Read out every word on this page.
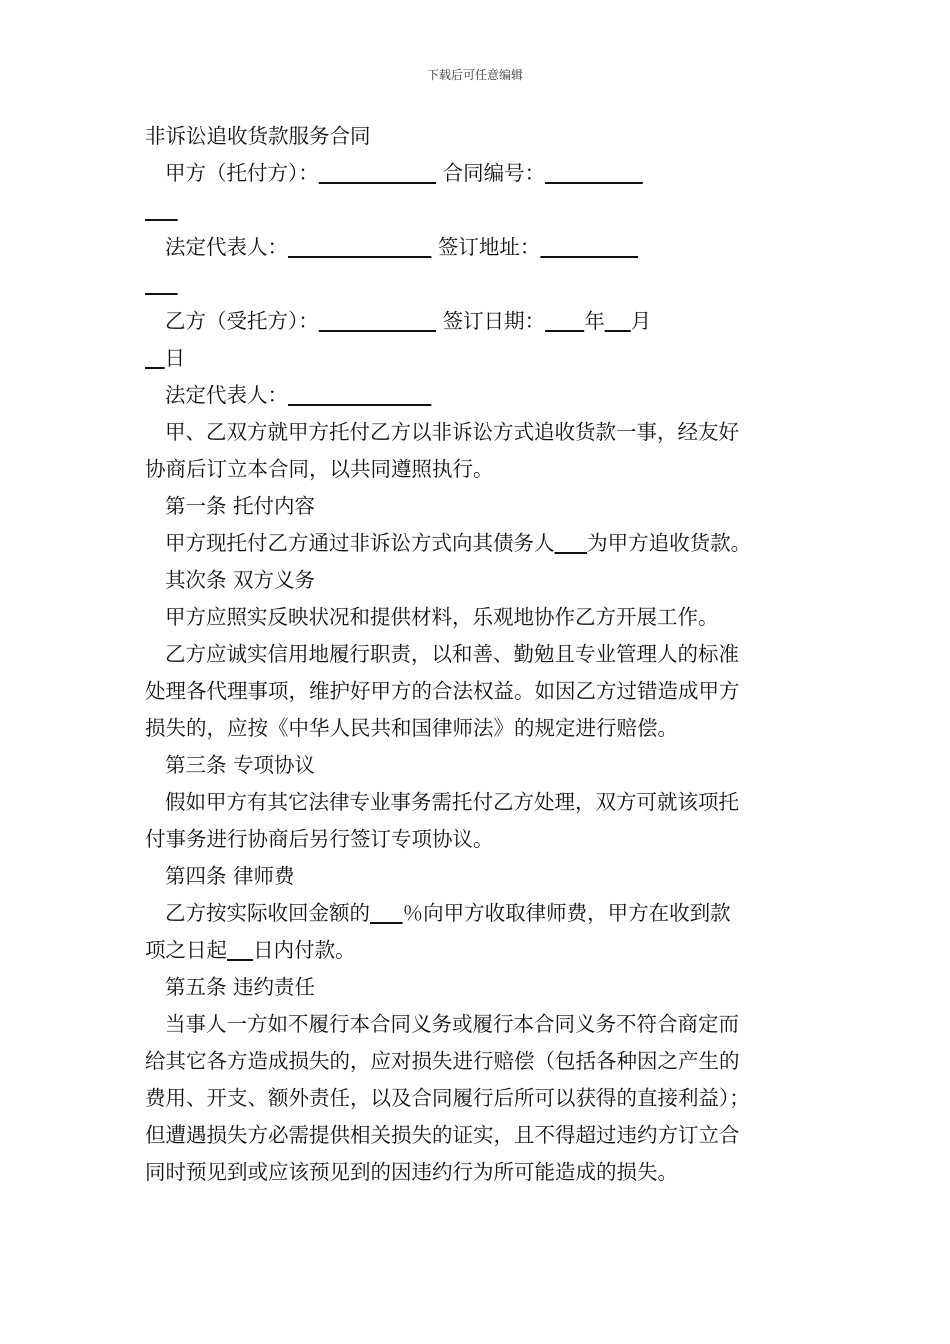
下载后可任意编辑
非诉讼追收货款服务合同
甲方（托付方）：	合同编号：

法定代表人：	签订地址：

乙方（受托方）：	签订日期： 年 月
日
法定代表人：
甲、乙双方就甲方托付乙方以非诉讼方式追收货款一事，经友好
协商后订立本合同，以共同遵照执行。
第一条 托付内容
甲方现托付乙方通过非诉讼方式向其债务人 为甲方追收货款。
其次条 双方义务
甲方应照实反映状况和提供材料，乐观地协作乙方开展工作。
乙方应诚实信用地履行职责，以和善、勤勉且专业管理人的标准
处理各代理事项，维护好甲方的合法权益。如因乙方过错造成甲方
损失的，应按《中华人民共和国律师法》的规定进行赔偿。
第三条 专项协议
假如甲方有其它法律专业事务需托付乙方处理，双方可就该项托
付事务进行协商后另行签订专项协议。
第四条 律师费
乙方按实际收回金额的 ％向甲方收取律师费，甲方在收到款
项之日起 日内付款。
第五条 违约责任
当事人一方如不履行本合同义务或履行本合同义务不符合商定而
给其它各方造成损失的，应对损失进行赔偿（包括各种因之产生的
费用、开支、额外责任，以及合同履行后所可以获得的直接利益）；
但遭遇损失方必需提供相关损失的证实，且不得超过违约方订立合
同时预见到或应该预见到的因违约行为所可能造成的损失。
